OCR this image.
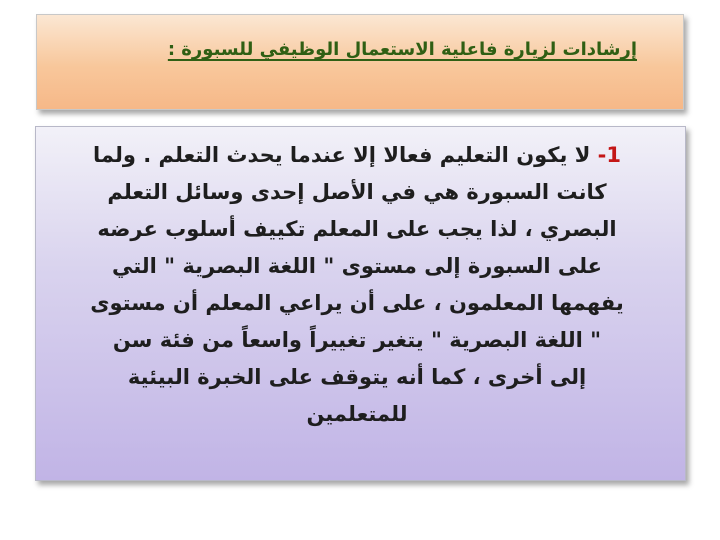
إرشادات لزيارة فاعلية الاستعمال الوظيفي للسبورة :
1- لا يكون التعليم فعالا إلا عندما يحدث التعلم . ولما
كانت السبورة هي في الأصل إحدى وسائل التعلم
البصري ، لذا يجب على المعلم تكييف أسلوب عرضه
على السبورة إلى مستوى " اللغة البصرية " التي
يفهمها المعلمون ، على أن يراعي المعلم أن مستوى
" اللغة البصرية " يتغير تغييراً واسعاً من فئة سن
إلى أخرى ، كما أنه يتوقف على الخبرة البيئية
للمتعلمين
